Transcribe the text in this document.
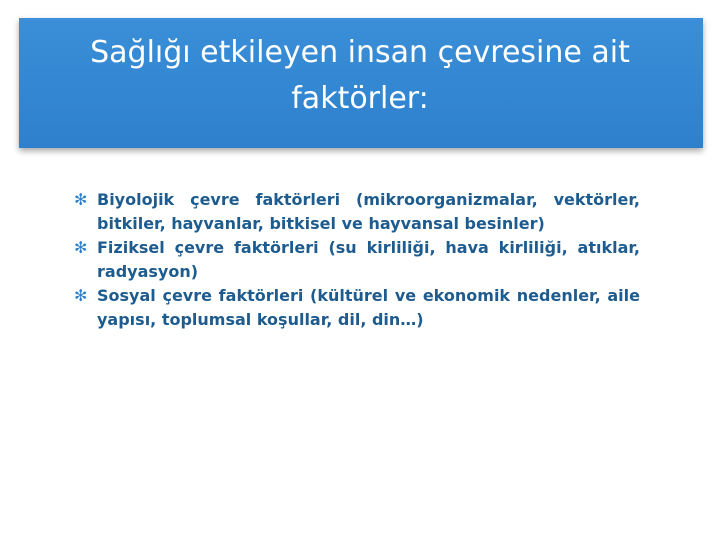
Sağlığı etkileyen insan çevresine ait faktörler:
✻ Biyolojik çevre faktörleri (mikroorganizmalar, vektörler, bitkiler, hayvanlar, bitkisel ve hayvansal besinler)
✻ Fiziksel çevre faktörleri (su kirliliği, hava kirliliği, atıklar, radyasyon)
✻ Sosyal çevre faktörleri (kültürel ve ekonomik nedenler, aile yapısı, toplumsal koşullar, dil, din…)
